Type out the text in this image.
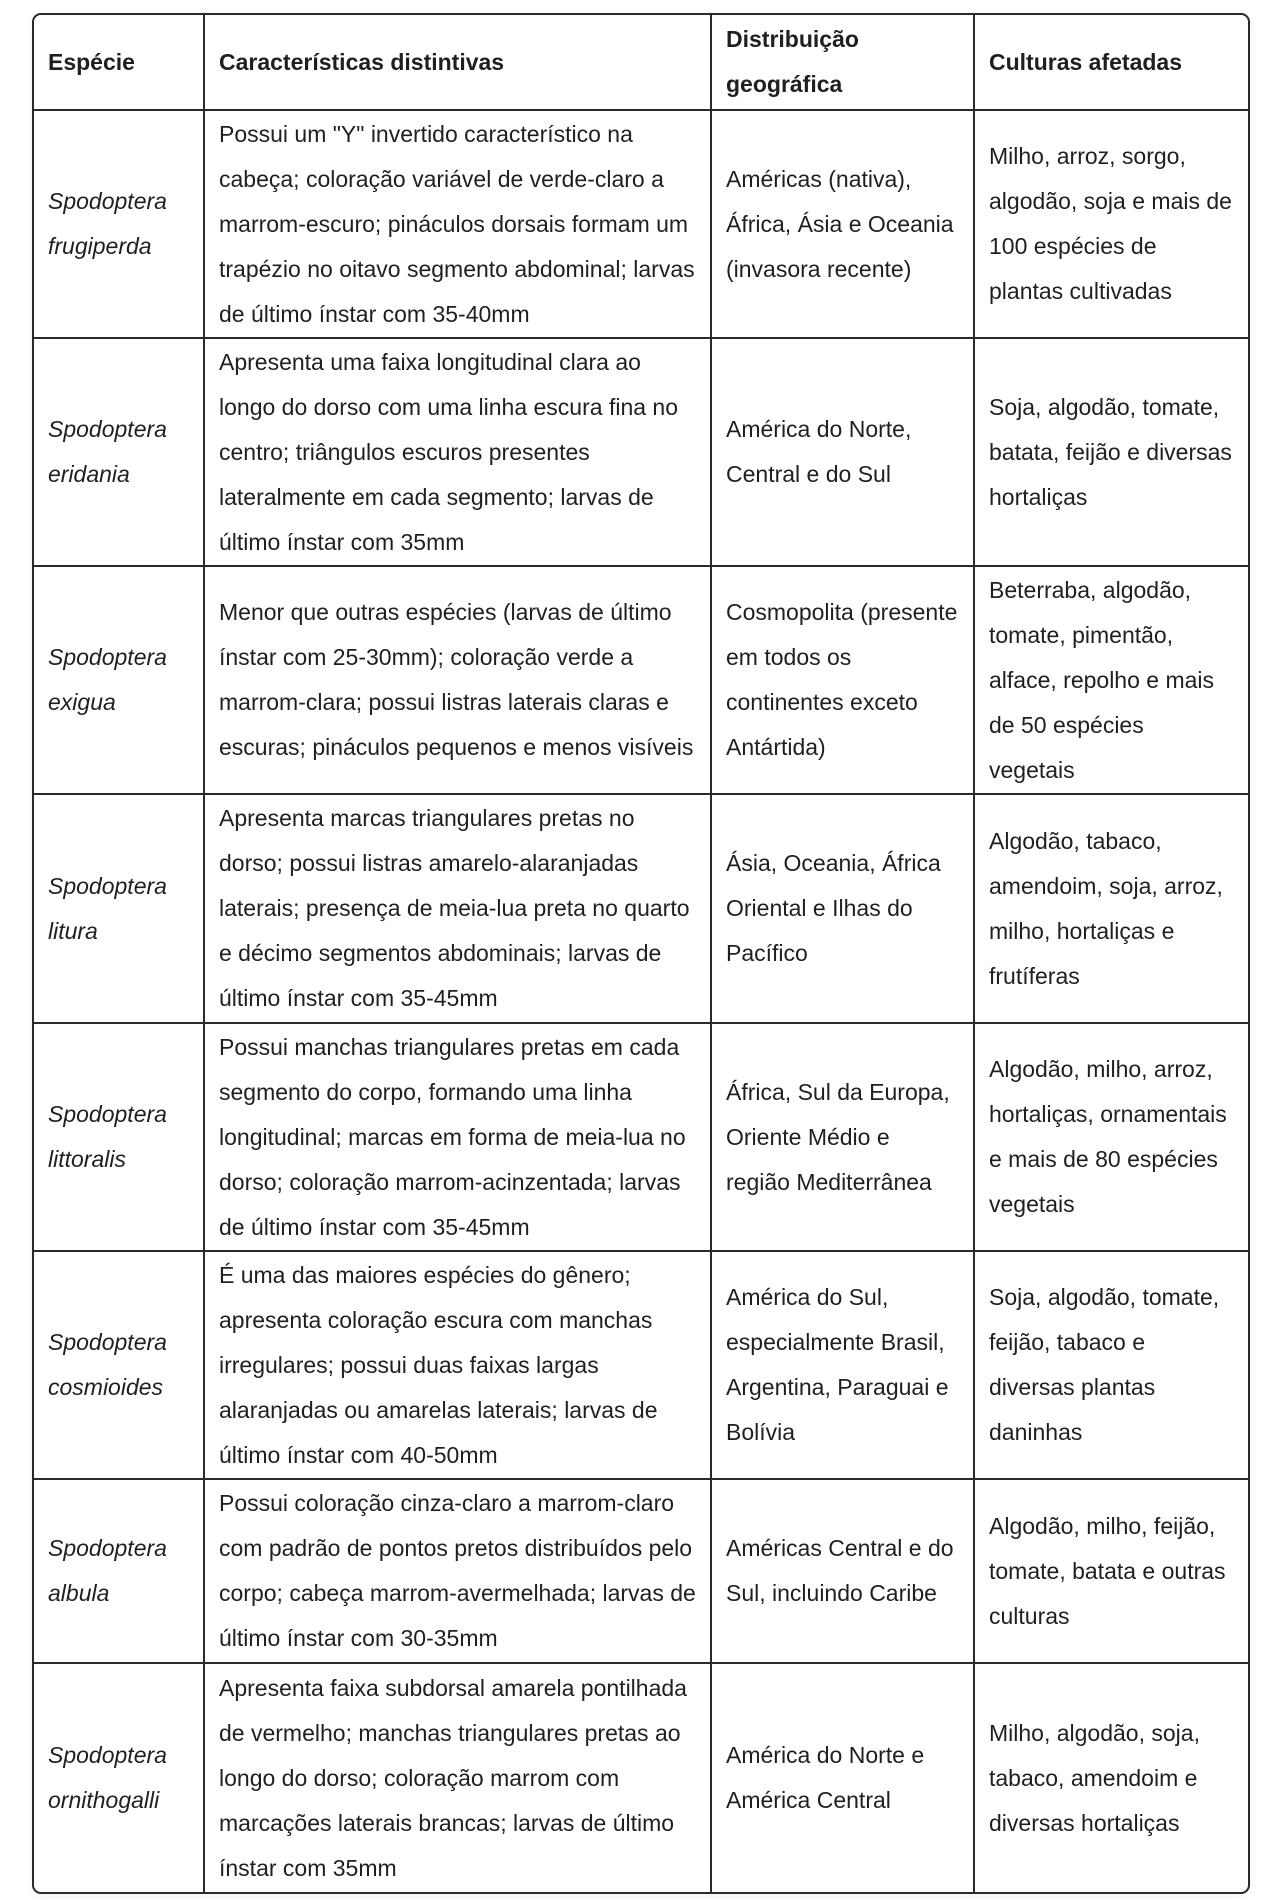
Espécie	Características distintivas	Distribuição geográfica	Culturas afetadas
Spodoptera frugiperda	Possui um "Y" invertido característico na cabeça; coloração variável de verde-claro a marrom-escuro; pináculos dorsais formam um trapézio no oitavo segmento abdominal; larvas de último ínstar com 35-40mm	Américas (nativa), África, Ásia e Oceania (invasora recente)	Milho, arroz, sorgo, algodão, soja e mais de 100 espécies de plantas cultivadas
Spodoptera eridania	Apresenta uma faixa longitudinal clara ao longo do dorso com uma linha escura fina no centro; triângulos escuros presentes lateralmente em cada segmento; larvas de último ínstar com 35mm	América do Norte, Central e do Sul	Soja, algodão, tomate, batata, feijão e diversas hortaliças
Spodoptera exigua	Menor que outras espécies (larvas de último ínstar com 25-30mm); coloração verde a marrom-clara; possui listras laterais claras e escuras; pináculos pequenos e menos visíveis	Cosmopolita (presente em todos os continentes exceto Antártida)	Beterraba, algodão, tomate, pimentão, alface, repolho e mais de 50 espécies vegetais
Spodoptera litura	Apresenta marcas triangulares pretas no dorso; possui listras amarelo-alaranjadas laterais; presença de meia-lua preta no quarto e décimo segmentos abdominais; larvas de último ínstar com 35-45mm	Ásia, Oceania, África Oriental e Ilhas do Pacífico	Algodão, tabaco, amendoim, soja, arroz, milho, hortaliças e frutíferas
Spodoptera littoralis	Possui manchas triangulares pretas em cada segmento do corpo, formando uma linha longitudinal; marcas em forma de meia-lua no dorso; coloração marrom-acinzentada; larvas de último ínstar com 35-45mm	África, Sul da Europa, Oriente Médio e região Mediterrânea	Algodão, milho, arroz, hortaliças, ornamentais e mais de 80 espécies vegetais
Spodoptera cosmioides	É uma das maiores espécies do gênero; apresenta coloração escura com manchas irregulares; possui duas faixas largas alaranjadas ou amarelas laterais; larvas de último ínstar com 40-50mm	América do Sul, especialmente Brasil, Argentina, Paraguai e Bolívia	Soja, algodão, tomate, feijão, tabaco e diversas plantas daninhas
Spodoptera albula	Possui coloração cinza-claro a marrom-claro com padrão de pontos pretos distribuídos pelo corpo; cabeça marrom-avermelhada; larvas de último ínstar com 30-35mm	Américas Central e do Sul, incluindo Caribe	Algodão, milho, feijão, tomate, batata e outras culturas
Spodoptera ornithogalli	Apresenta faixa subdorsal amarela pontilhada de vermelho; manchas triangulares pretas ao longo do dorso; coloração marrom com marcações laterais brancas; larvas de último ínstar com 35mm	América do Norte e América Central	Milho, algodão, soja, tabaco, amendoim e diversas hortaliças
